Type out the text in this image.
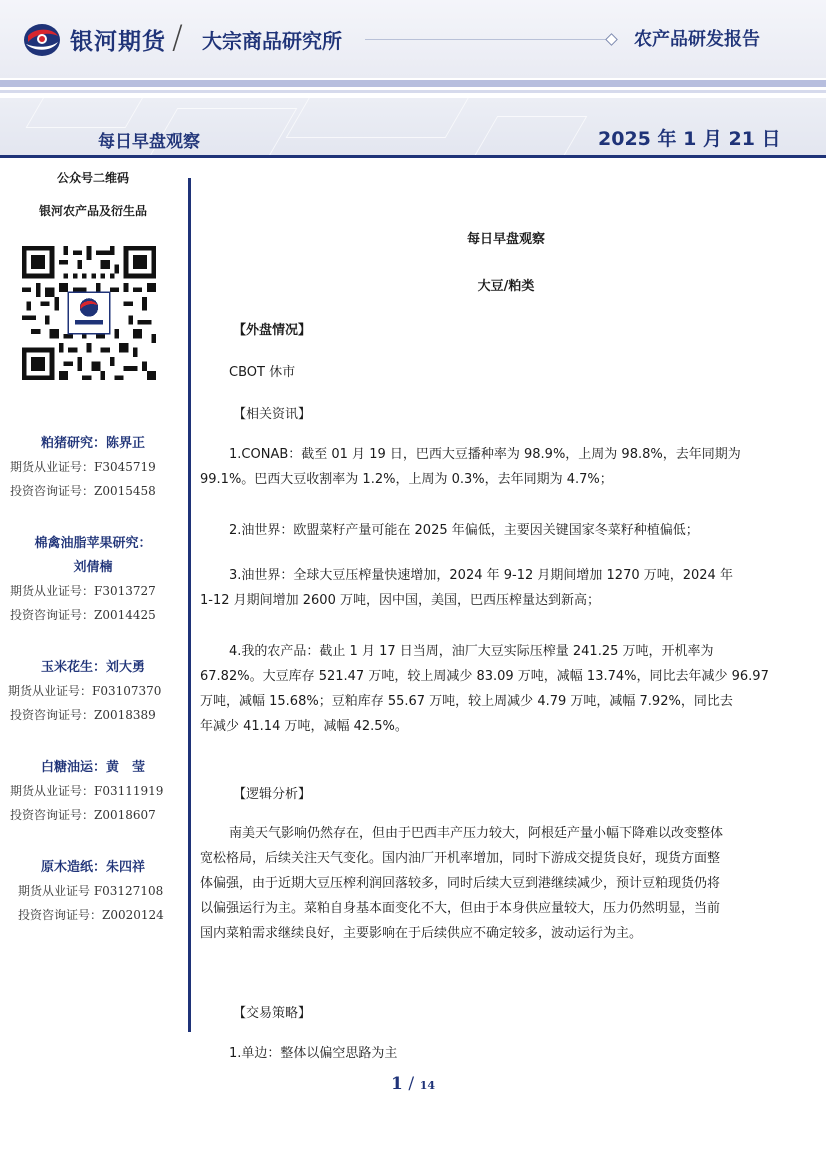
银河期货 / 大宗商品研究所	农产品研发报告
每日早盘观察	2025 年 1 月 21 日
公众号二维码
银河农产品及衍生品
粕猪研究：陈界正
期货从业证号：F3045719
投资咨询证号：Z0015458
棉禽油脂苹果研究：
刘倩楠
期货从业证号：F3013727
投资咨询证号：Z0014425
玉米花生：刘大勇
期货从业证号：F03107370
投资咨询证号：Z0018389
白糖油运：黄　莹
期货从业证号：F03111919
投资咨询证号：Z0018607
原木造纸：朱四祥
期货从业证号 F03127108
投资咨询证号：Z0020124
每日早盘观察
大豆/粕类
【外盘情况】
CBOT 休市
【相关资讯】
1.CONAB：截至 01 月 19 日，巴西大豆播种率为 98.9%，上周为 98.8%，去年同期为
99.1%。巴西大豆收割率为 1.2%，上周为 0.3%，去年同期为 4.7%；
2.油世界：欧盟菜籽产量可能在 2025 年偏低，主要因关键国家冬菜籽种植偏低；
3.油世界：全球大豆压榨量快速增加，2024 年 9-12 月期间增加 1270 万吨，2024 年
1-12 月期间增加 2600 万吨，因中国，美国，巴西压榨量达到新高；
4.我的农产品：截止 1 月 17 日当周，油厂大豆实际压榨量 241.25 万吨，开机率为
67.82%。大豆库存 521.47 万吨，较上周减少 83.09 万吨，减幅 13.74%，同比去年减少 96.97
万吨，减幅 15.68%；豆粕库存 55.67 万吨，较上周减少 4.79 万吨，减幅 7.92%，同比去
年减少 41.14 万吨，减幅 42.5%。
【逻辑分析】
南美天气影响仍然存在，但由于巴西丰产压力较大，阿根廷产量小幅下降难以改变整体
宽松格局，后续关注天气变化。国内油厂开机率增加，同时下游成交提货良好，现货方面整
体偏强，由于近期大豆压榨利润回落较多，同时后续大豆到港继续减少，预计豆粕现货仍将
以偏强运行为主。菜粕自身基本面变化不大，但由于本身供应量较大，压力仍然明显，当前
国内菜粕需求继续良好，主要影响在于后续供应不确定较多，波动运行为主。
【交易策略】
1.单边：整体以偏空思路为主
1 / 14
